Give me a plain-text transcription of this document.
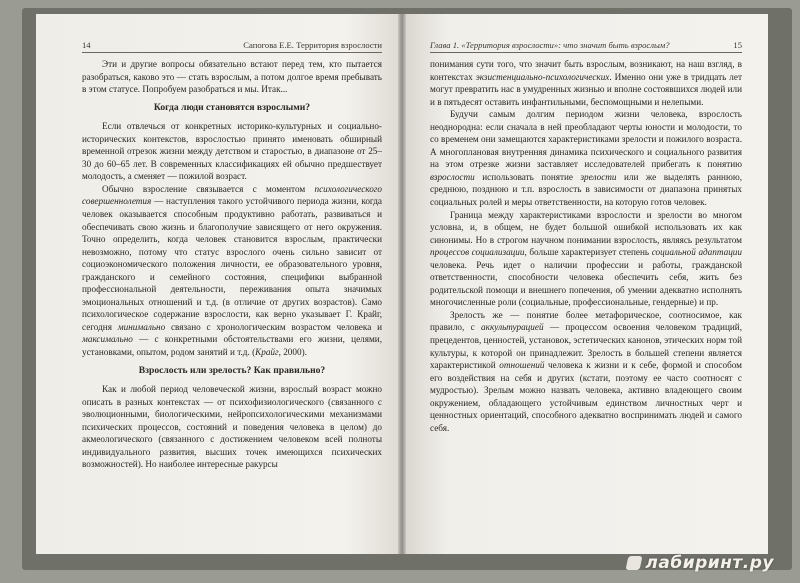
14	Сапогова Е.Е. Территория взрослости

Эти и другие вопросы обязательно встают перед тем, кто пытается разобраться, каково это — стать взрослым, а потом долгое время пребывать в этом статусе. Попробуем разобраться и мы. Итак...

Когда люди становятся взрослыми?

Если отвлечься от конкретных историко-культурных и социально-исторических контекстов, взрослостью принято именовать обширный временной отрезок жизни между детством и старостью, в диапазоне от 25–30 до 60–65 лет. В современных классификациях ей обычно предшествует молодость, а сменяет — пожилой возраст.

Обычно взросление связывается с моментом психологического совершеннолетия — наступления такого устойчивого периода жизни, когда человек оказывается способным продуктивно работать, развиваться и обеспечивать свою жизнь и благополучие зависящего от него окружения. Точно определить, когда человек становится взрослым, практически невозможно, потому что статус взрослого очень сильно зависит от социоэкономического положения личности, ее образовательного уровня, гражданского и семейного состояния, специфики выбранной профессиональной деятельности, переживания опыта значимых эмоциональных отношений и т.д. (в отличие от других возрастов). Само психологическое содержание взрослости, как верно указывает Г. Крайг, сегодня минимально связано с хронологическим возрастом человека и максимально — с конкретными обстоятельствами его жизни, целями, установками, опытом, родом занятий и т.д. (Крайг, 2000).

Взрослость или зрелость? Как правильно?

Как и любой период человеческой жизни, взрослый возраст можно описать в разных контекстах — от психофизиологического (связанного с эволюционными, биологическими, нейропсихологическими механизмами психических процессов, состояний и поведения человека в целом) до акмеологического (связанного с достижением человеком всей полноты индивидуального развития, высших точек имеющихся психических возможностей). Но наиболее интересные ракурсы

Глава 1. «Территория взрослости»: что значит быть взрослым?	15

понимания сути того, что значит быть взрослым, возникают, на наш взгляд, в контекстах экзистенциально-психологических. Именно они уже в тридцать лет могут превратить нас в умудренных жизнью и вполне состоявшихся людей или и в пятьдесят оставить инфантильными, беспомощными и нелепыми.

Будучи самым долгим периодом жизни человека, взрослость неоднородна: если сначала в ней преобладают черты юности и молодости, то со временем они замещаются характеристиками зрелости и пожилого возраста. А многоплановая внутренняя динамика психического и социального развития на этом отрезке жизни заставляет исследователей прибегать к понятию взрослости использовать понятие зрелости или же выделять раннюю, среднюю, позднюю и т.п. взрослость в зависимости от диапазона принятых социальных ролей и меры ответственности, на которую готов человек.

Граница между характеристиками взрослости и зрелости во многом условна, и, в общем, не будет большой ошибкой использовать их как синонимы. Но в строгом научном понимании взрослость, являясь результатом процессов социализации, больше характеризует степень социальной адаптации человека. Речь идет о наличии профессии и работы, гражданской ответственности, способности человека обеспечить себя, жить без родительской помощи и внешнего попечения, об умении адекватно исполнять многочисленные роли (социальные, профессиональные, гендерные) и пр.

Зрелость же — понятие более метафорическое, соотносимое, как правило, с аккультурацией — процессом освоения человеком традиций, прецедентов, ценностей, установок, эстетических канонов, этических норм той культуры, к которой он принадлежит. Зрелость в большей степени является характеристикой отношений человека к жизни и к себе, формой и способом его воздействия на себя и других (кстати, поэтому ее часто соотносят с мудростью). Зрелым можно назвать человека, активно владеющего своим окружением, обладающего устойчивым единством личностных черт и ценностных ориентаций, способного адекватно воспринимать людей и самого себя.

лабиринт.ру
